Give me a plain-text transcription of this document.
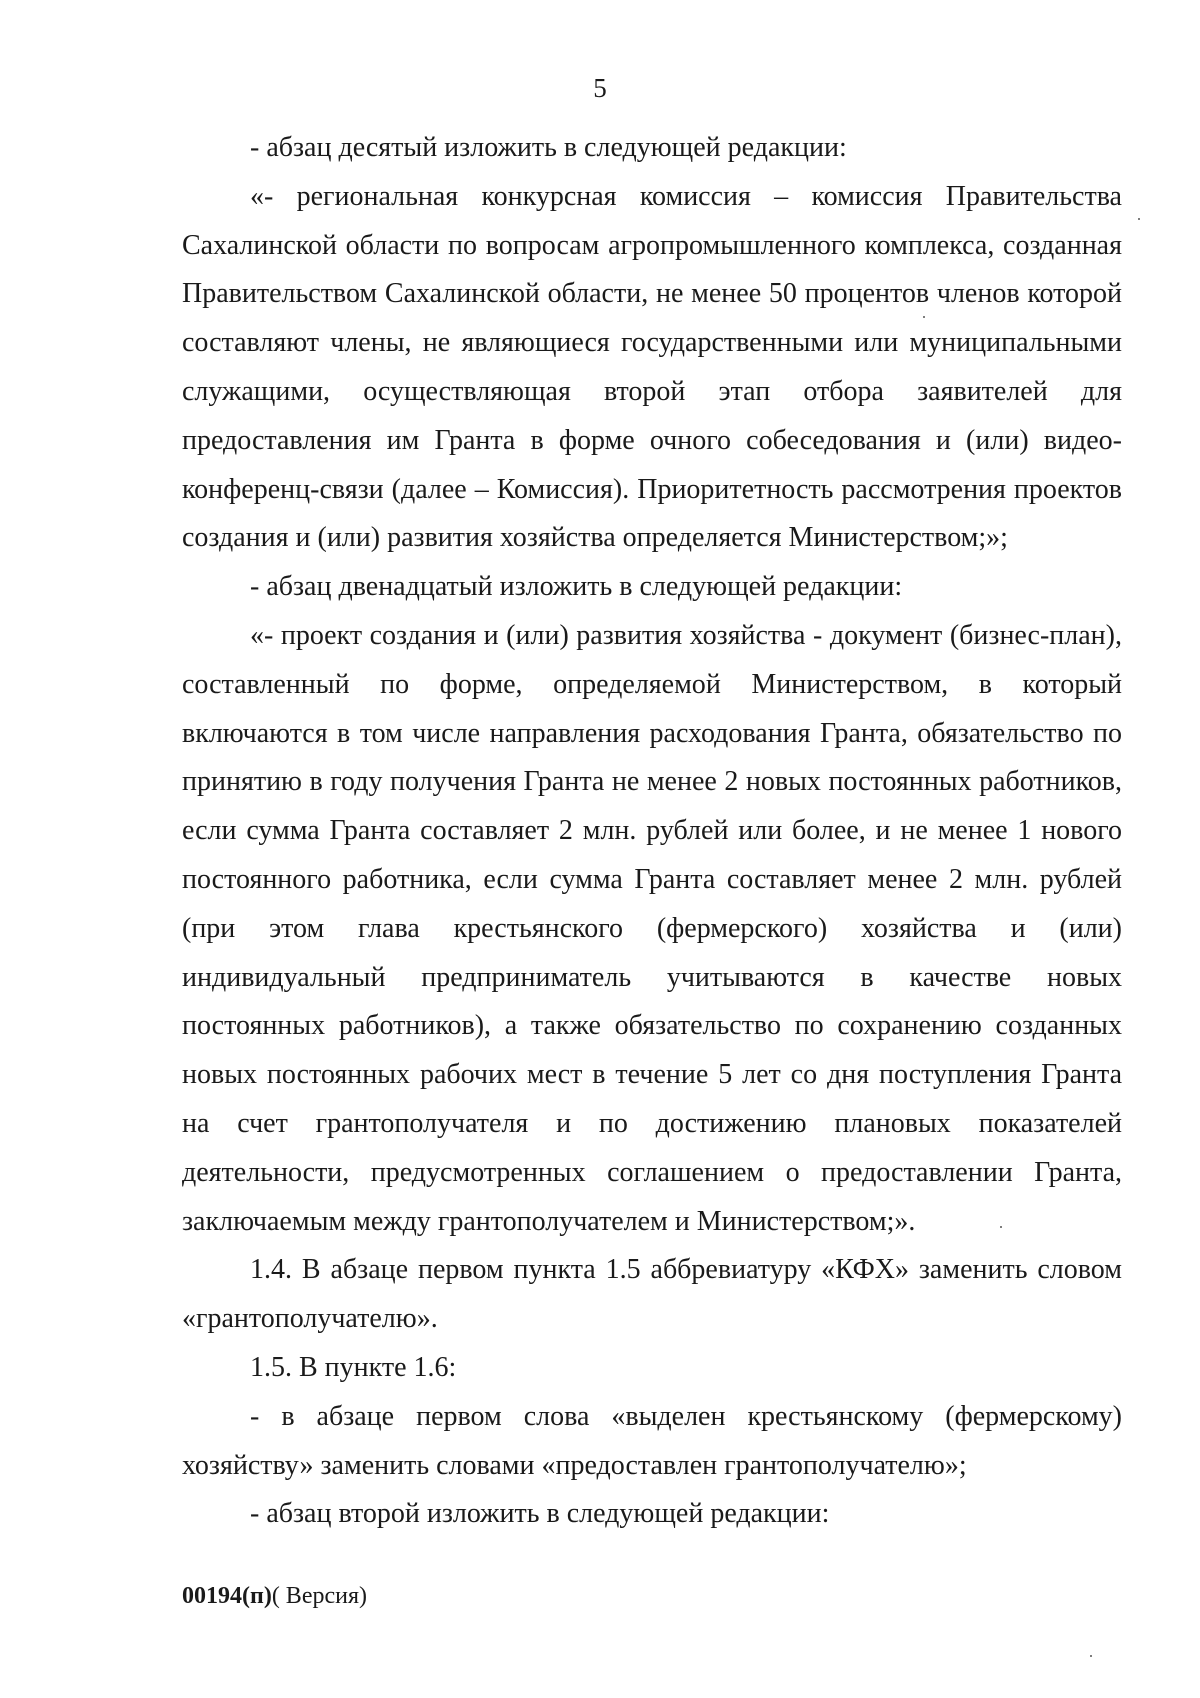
5

- абзац десятый изложить в следующей редакции:

«- региональная конкурсная комиссия – комиссия Правительства Сахалинской области по вопросам агропромышленного комплекса, созданная Правительством Сахалинской области, не менее 50 процентов членов которой составляют члены, не являющиеся государственными или муниципальными служащими, осуществляющая второй этап отбора заявителей для предоставления им Гранта в форме очного собеседования и (или) видео-конференц-связи (далее – Комиссия). Приоритетность рассмотрения проектов создания и (или) развития хозяйства определяется Министерством;»;

- абзац двенадцатый изложить в следующей редакции:

«- проект создания и (или) развития хозяйства - документ (бизнес-план), составленный по форме, определяемой Министерством, в который включаются в том числе направления расходования Гранта, обязательство по принятию в году получения Гранта не менее 2 новых постоянных работников, если сумма Гранта составляет 2 млн. рублей или более, и не менее 1 нового постоянного работника, если сумма Гранта составляет менее 2 млн. рублей (при этом глава крестьянского (фермерского) хозяйства и (или) индивидуальный предприниматель учитываются в качестве новых постоянных работников), а также обязательство по сохранению созданных новых постоянных рабочих мест в течение 5 лет со дня поступления Гранта на счет грантополучателя и по достижению плановых показателей деятельности, предусмотренных соглашением о предоставлении Гранта, заключаемым между грантополучателем и Министерством;».

1.4. В абзаце первом пункта 1.5 аббревиатуру «КФХ» заменить словом «грантополучателю».

1.5. В пункте 1.6:

- в абзаце первом слова «выделен крестьянскому (фермерскому) хозяйству» заменить словами «предоставлен грантополучателю»;

- абзац второй изложить в следующей редакции:

00194(п)( Версия)
